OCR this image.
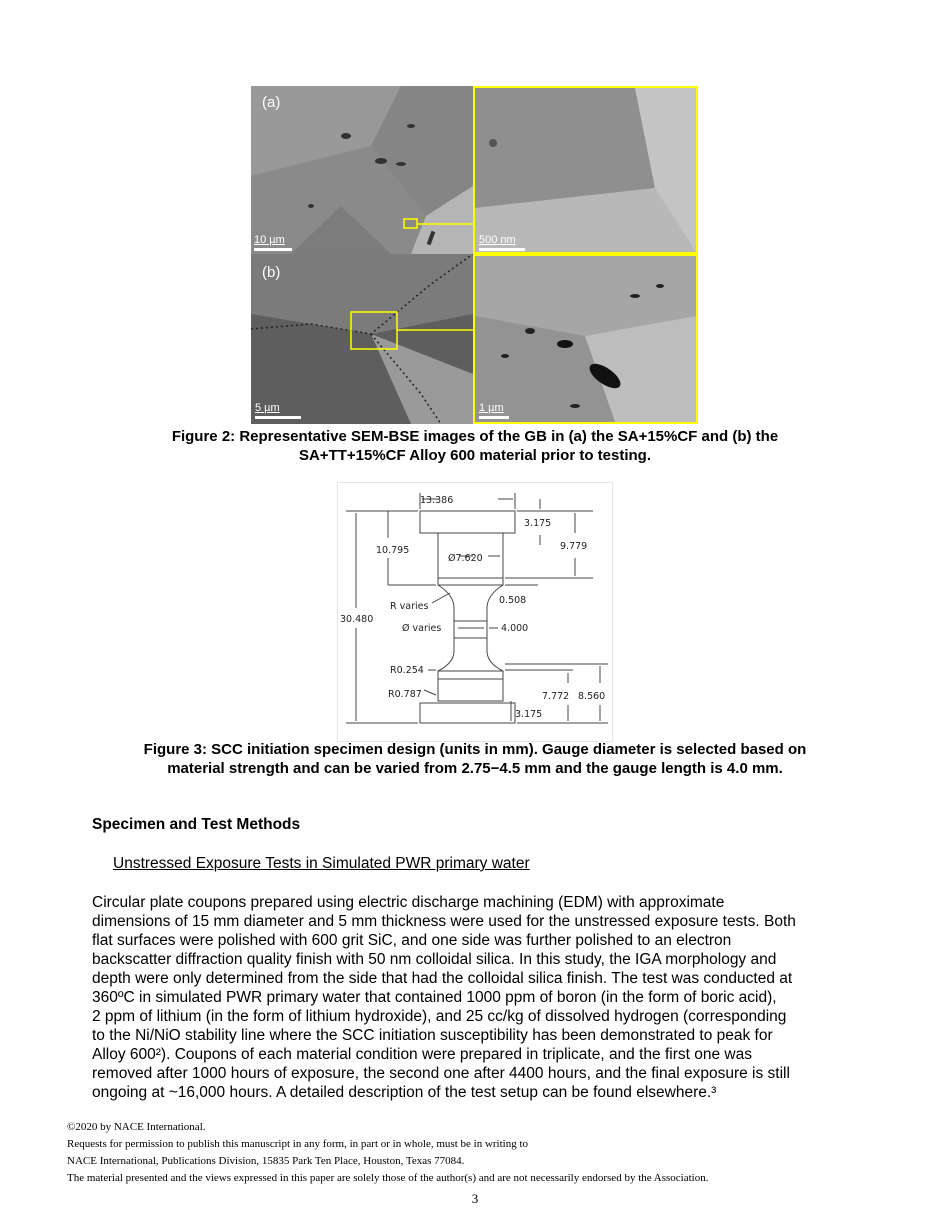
(a)
10 µm	500 nm
(b)
5 µm	1 µm
Figure 2: Representative SEM-BSE images of the GB in (a) the SA+15%CF and (b) the
SA+TT+15%CF Alloy 600 material prior to testing.
13.386
3.175
9.779
10.795
Ø7.620
30.480
R varies
0.508
Ø varies	4.000
R0.254
R0.787	7.772 8.560
3.175
Figure 3: SCC initiation specimen design (units in mm). Gauge diameter is selected based on
material strength and can be varied from 2.75−4.5 mm and the gauge length is 4.0 mm.
Specimen and Test Methods
Unstressed Exposure Tests in Simulated PWR primary water
Circular plate coupons prepared using electric discharge machining (EDM) with approximate
dimensions of 15 mm diameter and 5 mm thickness were used for the unstressed exposure tests. Both
flat surfaces were polished with 600 grit SiC, and one side was further polished to an electron
backscatter diffraction quality finish with 50 nm colloidal silica. In this study, the IGA morphology and
depth were only determined from the side that had the colloidal silica finish. The test was conducted at
360ºC in simulated PWR primary water that contained 1000 ppm of boron (in the form of boric acid),
2 ppm of lithium (in the form of lithium hydroxide), and 25 cc/kg of dissolved hydrogen (corresponding
to the Ni/NiO stability line where the SCC initiation susceptibility has been demonstrated to peak for
Alloy 600²). Coupons of each material condition were prepared in triplicate, and the first one was
removed after 1000 hours of exposure, the second one after 4400 hours, and the final exposure is still
ongoing at ~16,000 hours. A detailed description of the test setup can be found elsewhere.³
©2020 by NACE International.
Requests for permission to publish this manuscript in any form, in part or in whole, must be in writing to
NACE International, Publications Division, 15835 Park Ten Place, Houston, Texas 77084.
The material presented and the views expressed in this paper are solely those of the author(s) and are not necessarily endorsed by the Association.
3
